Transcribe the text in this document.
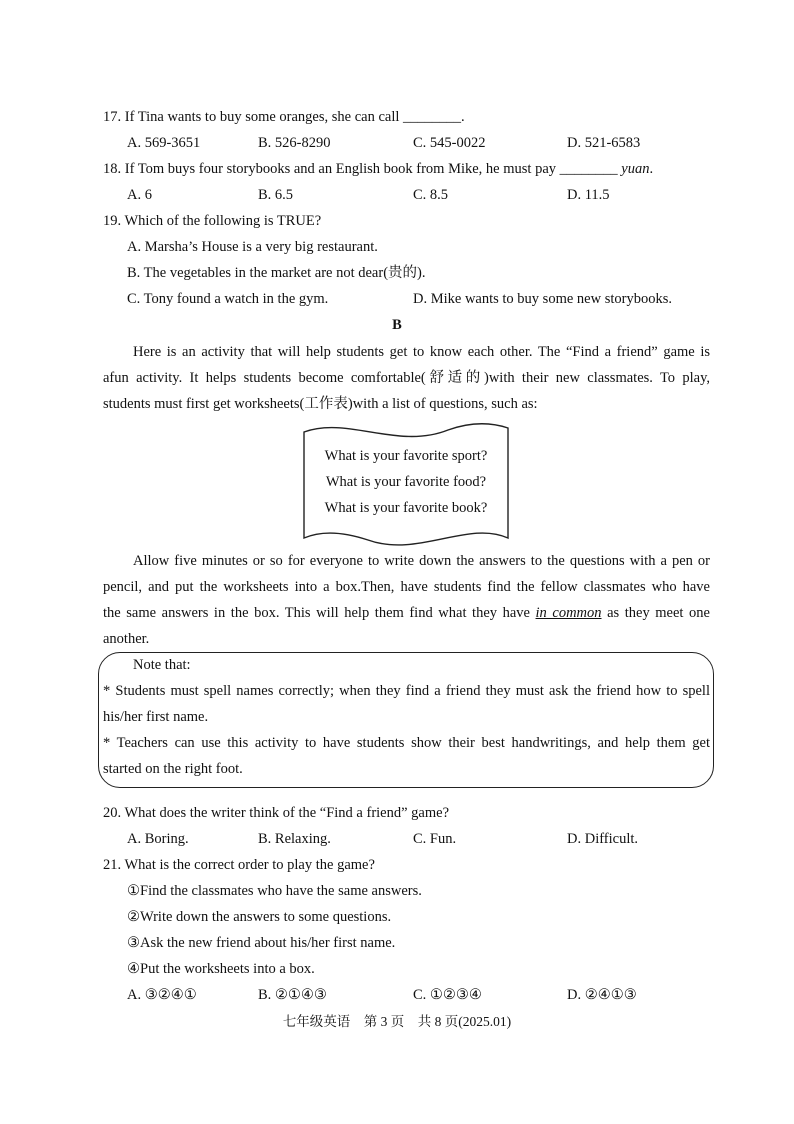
17. If Tina wants to buy some oranges, she can call ________.
A. 569-3651	B. 526-8290	C. 545-0022	D. 521-6583
18. If Tom buys four storybooks and an English book from Mike, he must pay ________ yuan.
A. 6	B. 6.5	C. 8.5	D. 11.5
19. Which of the following is TRUE?
A. Marsha’s House is a very big restaurant.
B. The vegetables in the market are not dear(贵的).
C. Tony found a watch in the gym.	D. Mike wants to buy some new storybooks.
B

Here is an activity that will help students get to know each other. The “Find a friend” game is

afun activity. It helps students become comfortable(舒适的)with their new classmates. To play,

students must first get worksheets(工作表)with a list of questions, such as:

What is your favorite sport?
What is your favorite food?
What is your favorite book?

Allow five minutes or so for everyone to write down the answers to the questions with a pen or

pencil, and put the worksheets into a box.Then, have students find the fellow classmates who have

the same answers in the box. This will help them find what they have in common as they meet one

another.

Note that:

* Students must spell names correctly; when they find a friend they must ask the friend how to spell

his/her first name.

* Teachers can use this activity to have students show their best handwritings, and help them get

started on the right foot.

20. What does the writer think of the “Find a friend” game?
A. Boring.	B. Relaxing.	C. Fun.	D. Difficult.
21. What is the correct order to play the game?
①Find the classmates who have the same answers.
②Write down the answers to some questions.
③Ask the new friend about his/her first name.
④Put the worksheets into a box.
A. ③②④①	B. ②①④③	C. ①②③④	D. ②④①③
七年级英语　第 3 页　共 8 页(2025.01)
